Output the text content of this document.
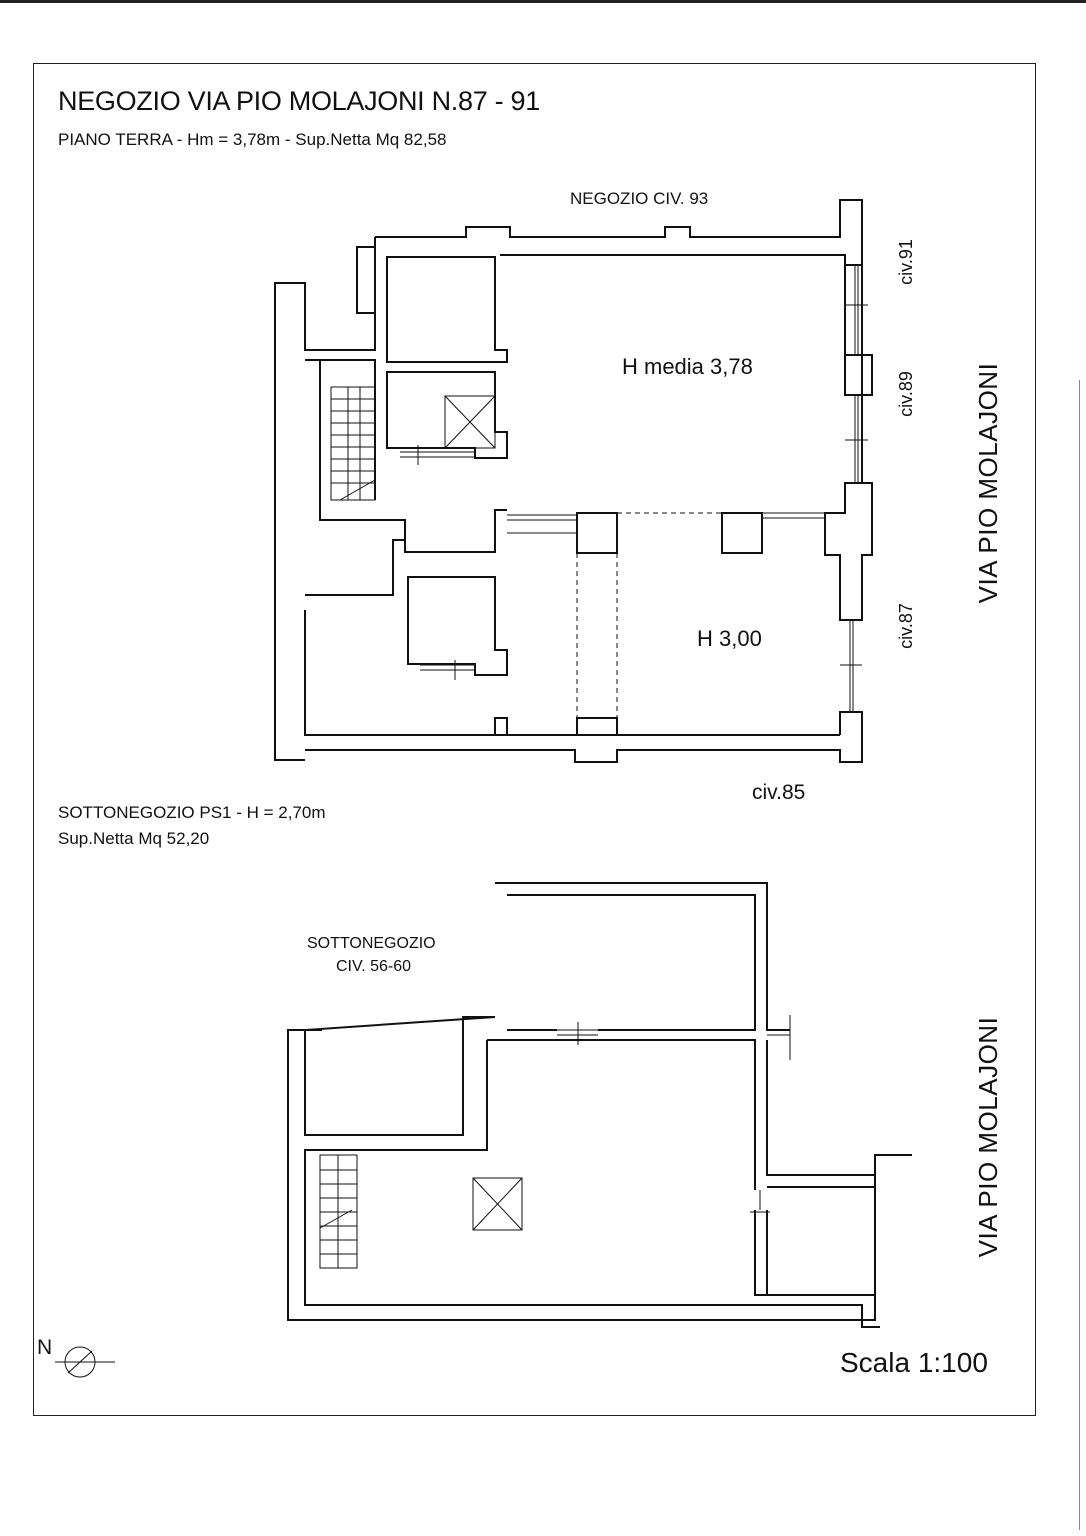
NEGOZIO VIA PIO MOLAJONI N.87 - 91
PIANO TERRA - Hm = 3,78m - Sup.Netta Mq 82,58
NEGOZIO CIV. 93
H media 3,78
H 3,00
civ.91
civ.89
civ.87
civ.85
VIA PIO MOLAJONI
SOTTONEGOZIO PS1 - H = 2,70m
Sup.Netta Mq 52,20
SOTTONEGOZIO
CIV. 56-60
VIA PIO MOLAJONI
N	Scala 1:100
